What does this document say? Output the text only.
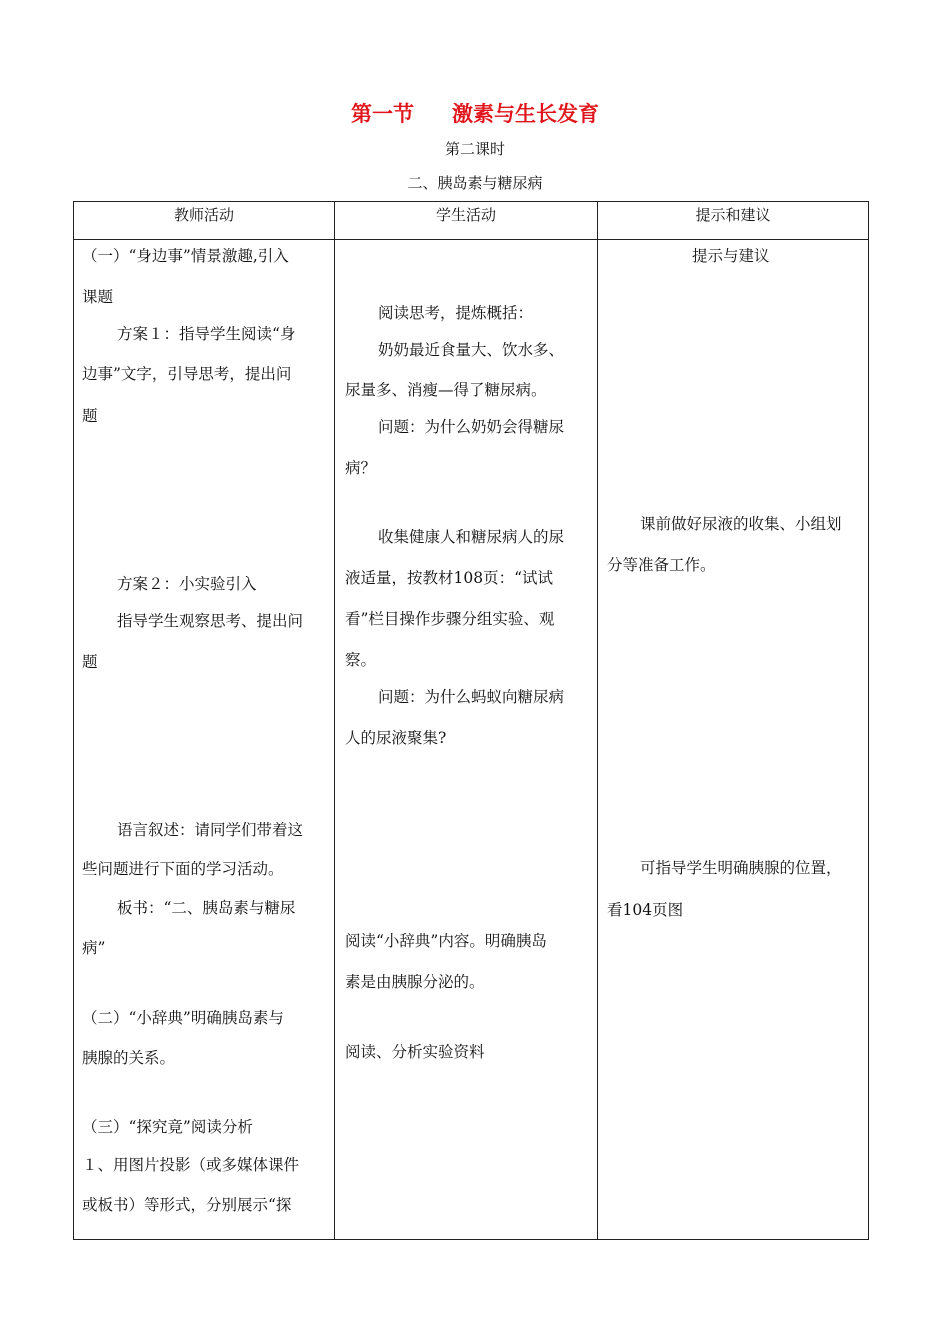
第一节 激素与生长发育
第二课时
二、胰岛素与糖尿病
教师活动	学生活动	提示和建议
（一）“身边事”情景激趣,引入
课题
方案１：指导学生阅读“身
边事”文字，引导思考，提出问
题
方案２：小实验引入
指导学生观察思考、提出问
题
语言叙述：请同学们带着这
些问题进行下面的学习活动。
板书：“二、胰岛素与糖尿
病”
（二）“小辞典”明确胰岛素与
胰腺的关系。
（三）“探究竟”阅读分析
１、用图片投影（或多媒体课件
或板书）等形式，分别展示“探
阅读思考，提炼概括：
奶奶最近食量大、饮水多、
尿量多、消瘦—得了糖尿病。
问题：为什么奶奶会得糖尿
病？
收集健康人和糖尿病人的尿
液适量，按教材108页：“试试
看”栏目操作步骤分组实验、观
察。
问题：为什么蚂蚁向糖尿病
人的尿液聚集?
阅读“小辞典”内容。明确胰岛
素是由胰腺分泌的。
阅读、分析实验资料
提示与建议
课前做好尿液的收集、小组划
分等准备工作。
可指导学生明确胰腺的位置，
看104页图
